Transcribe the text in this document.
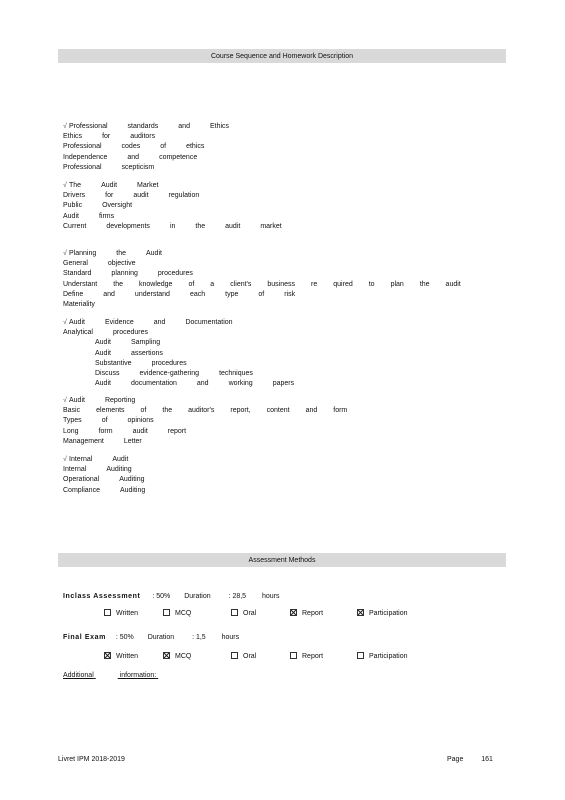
Course Sequence and Homework Description
√ Professional	standards	and	Ethics
Ethics	for	auditors
Professional	codes	of	ethics
Independence	and	competence
Professional	scepticism
√ The	Audit	Market
Drivers	for	audit	regulation
Public	Oversight
Audit	firms
Current	developments	in	the	audit	market
√ Planning	the	Audit
General	objective
Standard	planning	procedures
Understant the knowledge of a client's business re quired to plan the audit
Define	and	understand	each	type	of	risk
Materiality
√ Audit	Evidence	and	Documentation
Analytical	procedures
Audit	Sampling
Audit	assertions
Substantive	procedures
Discuss	evidence-gathering	techniques
Audit	documentation	and	working	papers
√ Audit	Reporting
Basic elements of the auditor's report, content and form
Types	of	opinions
Long	form	audit	report
Management	Letter
√ Internal	Audit
Internal	Auditing
Operational	Auditing
Compliance	Auditing
Assessment Methods
Inclass Assessment : 50% Duration	: 28,5 hours
Written	MCQ	Oral	Report	Participation
Final Exam : 50% Duration	: 1,5 hours
Written	MCQ	Oral	Report	Participation
Additional	information:
Livret IPM 2018-2019	Page	161
